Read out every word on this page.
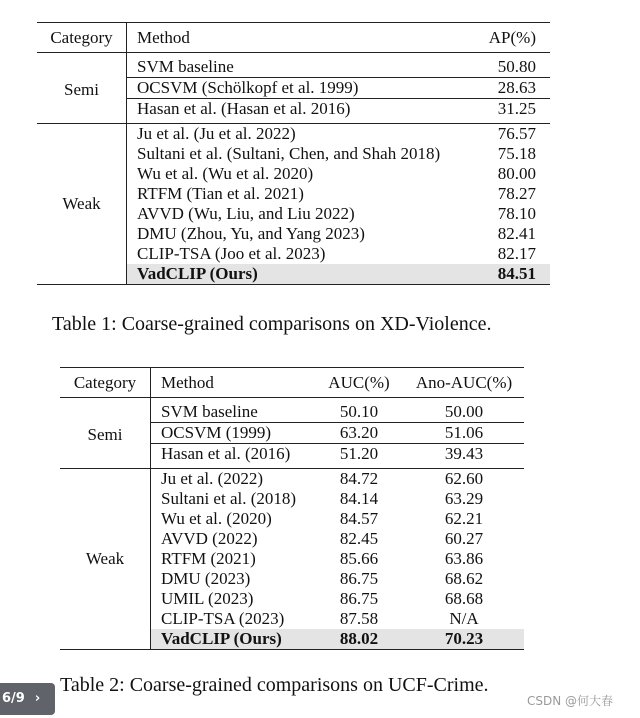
Category	Method	AP(%)
Semi	SVM baseline	50.80
	OCSVM (Schölkopf et al. 1999)	28.63
	Hasan et al. (Hasan et al. 2016)	31.25
Weak	Ju et al. (Ju et al. 2022)	76.57
	Sultani et al. (Sultani, Chen, and Shah 2018)	75.18
	Wu et al. (Wu et al. 2020)	80.00
	RTFM (Tian et al. 2021)	78.27
	AVVD (Wu, Liu, and Liu 2022)	78.10
	DMU (Zhou, Yu, and Yang 2023)	82.41
	CLIP-TSA (Joo et al. 2023)	82.17
	VadCLIP (Ours)	84.51
Table 1: Coarse-grained comparisons on XD-Violence.
Category	Method	AUC(%)	Ano-AUC(%)
Semi	SVM baseline	50.10	50.00
	OCSVM (1999)	63.20	51.06
	Hasan et al. (2016)	51.20	39.43
Weak	Ju et al. (2022)	84.72	62.60
	Sultani et al. (2018)	84.14	63.29
	Wu et al. (2020)	84.57	62.21
	AVVD (2022)	82.45	60.27
	RTFM (2021)	85.66	63.86
	DMU (2023)	86.75	68.62
	UMIL (2023)	86.75	68.68
	CLIP-TSA (2023)	87.58	N/A
	VadCLIP (Ours)	88.02	70.23
Table 2: Coarse-grained comparisons on UCF-Crime.
6/9 ›	CSDN @何大春
